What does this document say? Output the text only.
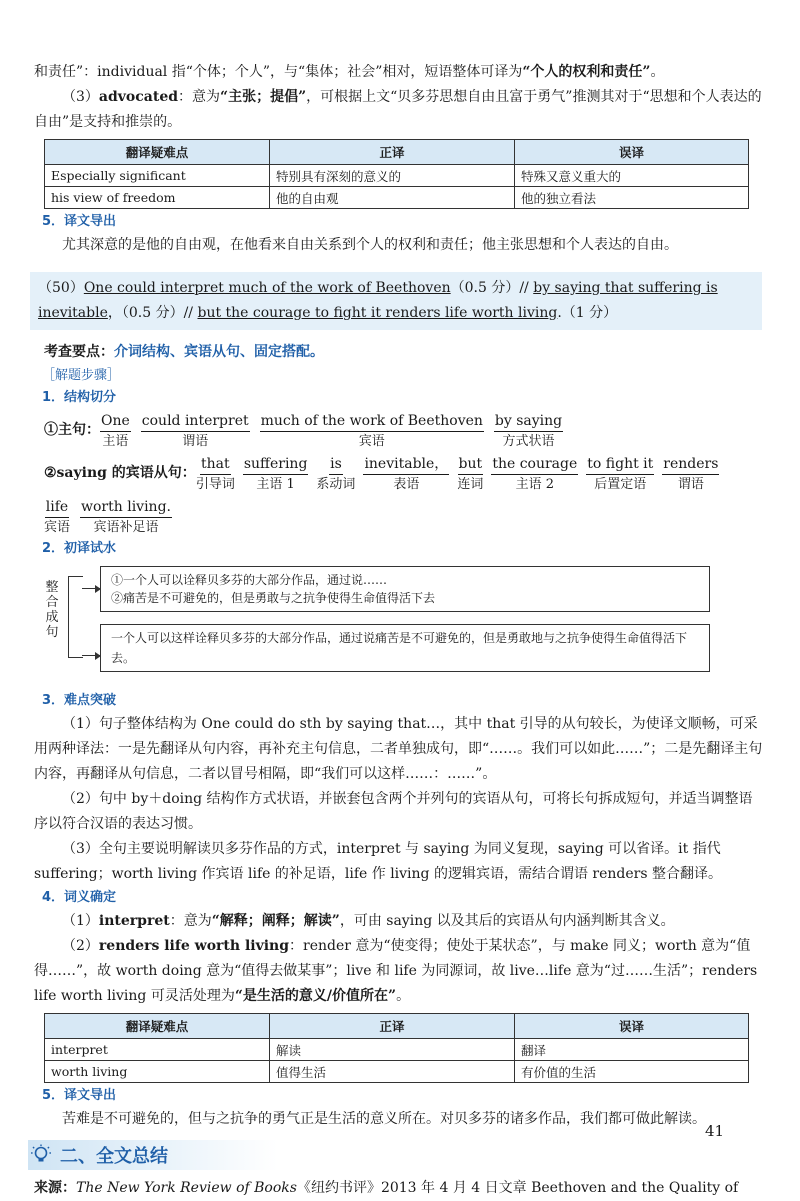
和责任”：individual 指“个体；个人”，与“集体；社会”相对，短语整体可译为“个人的权利和责任”。

（3）advocated：意为“主张；提倡”，可根据上文“贝多芬思想自由且富于勇气”推测其对于“思想和个人表达的自由”是支持和推崇的。

翻译疑难点	正译	误译
Especially significant	特别具有深刻的意义的	特殊又意义重大的
his view of freedom	他的自由观	他的独立看法
5．译文导出

尤其深意的是他的自由观，在他看来自由关系到个人的权利和责任；他主张思想和个人表达的自由。

（50）One could interpret much of the work of Beethoven（0.5 分）// by saying that suffering is inevitable，（0.5 分）// but the courage to fight it renders life worth living.（1 分）

考查要点：介词结构、宾语从句、固定搭配。

［解题步骤］
1．结构切分
①主句：
One
主语
could interpret
谓语
much of the work of Beethoven
宾语
by saying
方式状语
②saying 的宾语从句：
that
引导词
suffering
主语 1
is
系动词
inevitable，
表语
but
连词
the courage
主语 2
to fight it
后置定语
renders
谓语
life
宾语
worth living.
宾语补足语
2．初译试水
整合成句
①一个人可以诠释贝多芬的大部分作品，通过说……
②痛苦是不可避免的，但是勇敢与之抗争使得生命值得活下去
一个人可以这样诠释贝多芬的大部分作品，通过说痛苦是不可避免的，但是勇敢地与之抗争使得生命值得活下去。
3．难点突破

（1）句子整体结构为 One could do sth by saying that…，其中 that 引导的从句较长，为使译文顺畅，可采用两种译法：一是先翻译从句内容，再补充主句信息，二者单独成句，即“……。我们可以如此……”；二是先翻译主句内容，再翻译从句信息，二者以冒号相隔，即“我们可以这样……：……”。

（2）句中 by＋doing 结构作方式状语，并嵌套包含两个并列句的宾语从句，可将长句拆成短句，并适当调整语序以符合汉语的表达习惯。

（3）全句主要说明解读贝多芬作品的方式，interpret 与 saying 为同义复现，saying 可以省译。it 指代 suffering；worth living 作宾语 life 的补足语，life 作 living 的逻辑宾语，需结合谓语 renders 整合翻译。

4．词义确定

（1）interpret：意为“解释；阐释；解读”，可由 saying 以及其后的宾语从句内涵判断其含义。

（2）renders life worth living：render 意为“使变得；使处于某状态”，与 make 同义；worth 意为“值得……”，故 worth doing 意为“值得去做某事”；live 和 life 为同源词，故 live…life 意为“过……生活”；renders life worth living 可灵活处理为“是生活的意义/价值所在”。

翻译疑难点	正译	误译
interpret	解读	翻译
worth living	值得生活	有价值的生活
5．译文导出

苦难是不可避免的，但与之抗争的勇气正是生活的意义所在。对贝多芬的诸多作品，我们都可做此解读。

二、全文总结

来源：The New York Review of Books《纽约书评》2013 年 4 月 4 日文章 Beethoven and the Quality of

41
